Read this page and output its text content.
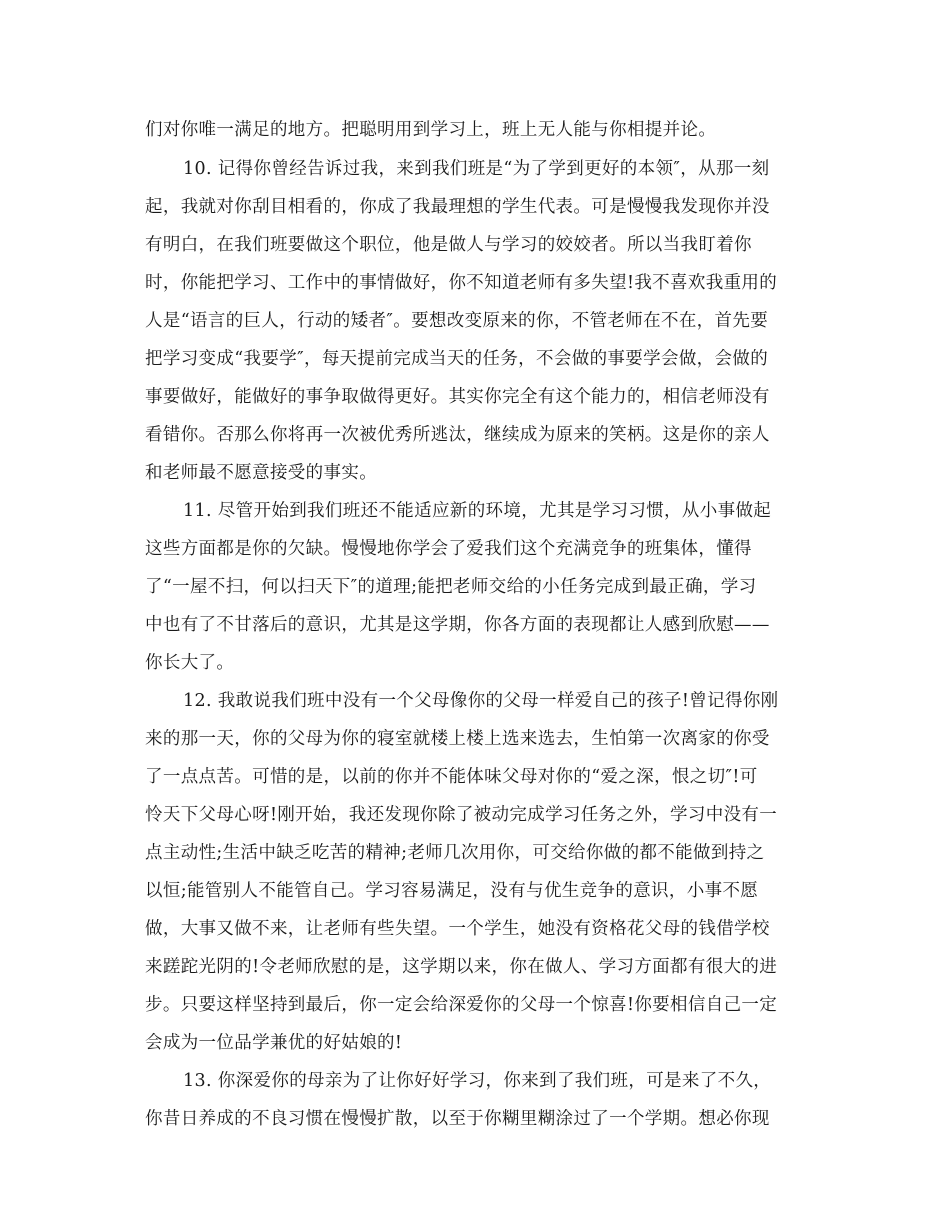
们对你唯一满足的地方。把聪明用到学习上，班上无人能与你相提并论。
10. 记得你曾经告诉过我，来到我们班是“为了学到更好的本领″，从那一刻
起，我就对你刮目相看的，你成了我最理想的学生代表。可是慢慢我发现你并没
有明白，在我们班要做这个职位，他是做人与学习的姣姣者。所以当我盯着你
时，你能把学习、工作中的事情做好，你不知道老师有多失望!我不喜欢我重用的
人是“语言的巨人，行动的矮者″。要想改变原来的你，不管老师在不在，首先要
把学习变成“我要学″，每天提前完成当天的任务，不会做的事要学会做，会做的
事要做好，能做好的事争取做得更好。其实你完全有这个能力的，相信老师没有
看错你。否那么你将再一次被优秀所逃汰，继续成为原来的笑柄。这是你的亲人
和老师最不愿意接受的事实。
11. 尽管开始到我们班还不能适应新的环境，尤其是学习习惯，从小事做起
这些方面都是你的欠缺。慢慢地你学会了爱我们这个充满竞争的班集体，懂得
了“一屋不扫，何以扫天下″的道理;能把老师交给的小任务完成到最正确，学习
中也有了不甘落后的意识，尤其是这学期，你各方面的表现都让人感到欣慰——
你长大了。
12. 我敢说我们班中没有一个父母像你的父母一样爱自己的孩子!曾记得你刚
来的那一天，你的父母为你的寝室就楼上楼上选来选去，生怕第一次离家的你受
了一点点苦。可惜的是，以前的你并不能体味父母对你的“爱之深，恨之切″!可
怜天下父母心呀!刚开始，我还发现你除了被动完成学习任务之外，学习中没有一
点主动性;生活中缺乏吃苦的精神;老师几次用你，可交给你做的都不能做到持之
以恒;能管别人不能管自己。学习容易满足，没有与优生竞争的意识，小事不愿
做，大事又做不来，让老师有些失望。一个学生，她没有资格花父母的钱借学校
来蹉跎光阴的!令老师欣慰的是，这学期以来，你在做人、学习方面都有很大的进
步。只要这样坚持到最后，你一定会给深爱你的父母一个惊喜!你要相信自己一定
会成为一位品学兼优的好姑娘的!
13. 你深爱你的母亲为了让你好好学习，你来到了我们班，可是来了不久，
你昔日养成的不良习惯在慢慢扩散，以至于你糊里糊涂过了一个学期。想必你现
